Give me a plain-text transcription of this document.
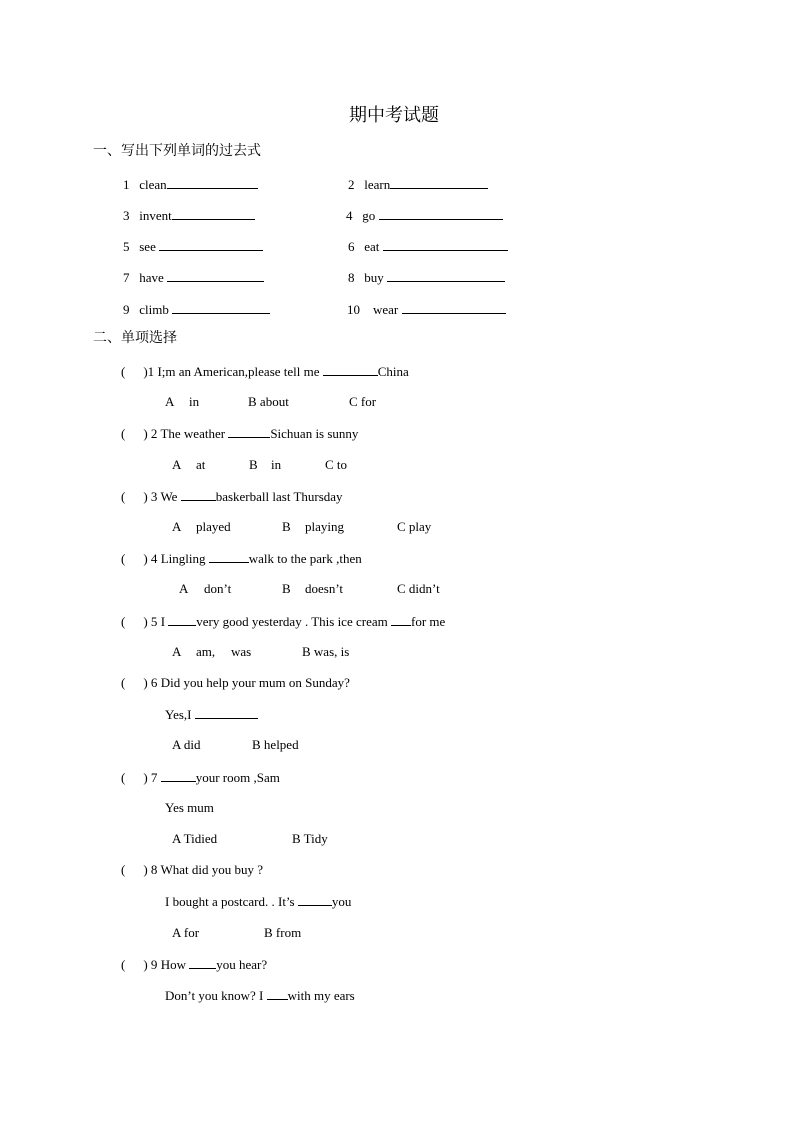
期中考试题
一、写出下列单词的过去式
1 clean	2 learn
3 invent	4 go
5 see	6 eat
7 have	8 buy
9 climb	10 wear
二、单项选择
( )1 I;m an American,please tell me	China
A in	B about	C for
( ) 2 The weather	Sichuan is sunny
A at	B in	C to
( ) 3 We	baskerball last Thursday
A played	B playing	C play
( ) 4 Lingling	walk to the park ,then
A don’t	B doesn’t	C didn’t
( ) 5 I very good yesterday . This ice cream for me
A am, was	B was, is
( ) 6 Did you help your mum on Sunday?
Yes,I
A did	B helped
( ) 7	your room ,Sam
Yes mum
A Tidied	B Tidy
( ) 8 What did you buy ?
I bought a postcard. . It’s	you
A for	B from
( ) 9 How you hear?
Don’t you know? I with my ears
